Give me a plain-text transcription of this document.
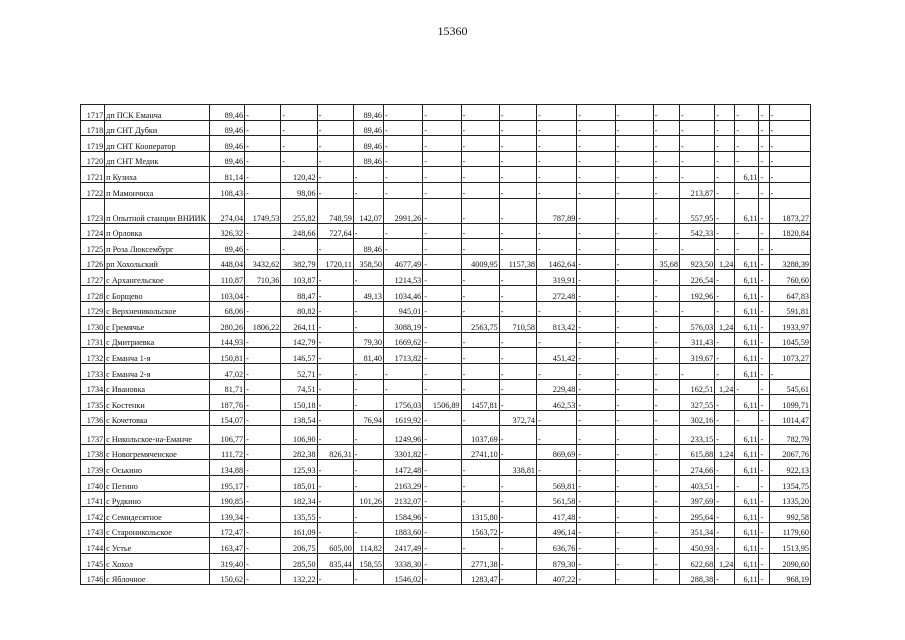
15360
1717	дп ПСК Еманча	89,46	-	-	-	89,46	-	-	-	-	-	-	-	-	-	-	-	-	-
1718	дп СНТ Дубки	89,46	-	-	-	89,46	-	-	-	-	-	-	-	-	-	-	-	-	-
1719	дп СНТ Кооператор	89,46	-	-	-	89,46	-	-	-	-	-	-	-	-	-	-	-	-	-
1720	дп СНТ Медик	89,46	-	-	-	89,46	-	-	-	-	-	-	-	-	-	-	-	-	-
1721	п Кузиха	81,14	-	120,42	-	-	-	-	-	-	-	-	-	-	-	-	6,11	-	-
1722	п Мамончиха	108,43	-	98,06	-	-	-	-	-	-	-	-	-	-	213,87	-	-	-	-
1723	п Опытной станции ВНИИК	274,04	1749,53	255,82	748,59	142,07	2991,26	-	-	-	787,89	-	-	-	557,95	-	6,11	-	1873,27
1724	п Орловка	326,32	-	248,66	727,64	-	-	-	-	-	-	-	-	-	542,33	-	-	-	1820,84
1725	п Роза Люксембург	89,46	-	-	-	89,46	-	-	-	-	-	-	-	-	-	-	-	-	-
1726	рп Хохольский	448,04	3432,62	382,79	1720,11	358,50	4677,49	-	4009,95	1157,38	1462,64	-	-	35,68	923,50	1,24	6,11	-	3288,39
1727	с Архангельское	110,87	710,36	103,87	-	-	1214,53	-	-	-	319,91	-	-	-	226,54	-	6,11	-	760,60
1728	с Борщево	103,04	-	88,47	-	49,13	1034,46	-	-	-	272,48	-	-	-	192,96	-	6,11	-	647,83
1729	с Верхненикольское	68,06	-	80,82	-	-	945,01	-	-	-	-	-	-	-	-	-	6,11	-	591,81
1730	с Гремячье	280,26	1806,22	264,11	-	-	3088,19	-	2563,75	710,58	813,42	-	-	-	576,03	1,24	6,11	-	1933,97
1731	с Дмитриевка	144,93	-	142,79	-	79,30	1669,62	-	-	-	-	-	-	-	311,43	-	6,11	-	1045,59
1732	с Еманча 1-я	150,81	-	146,57	-	81,40	1713,82	-	-	-	451,42	-	-	-	319,67	-	6,11	-	1073,27
1733	с Еманча 2-я	47,02	-	52,71	-	-	-	-	-	-	-	-	-	-	-	-	6,11	-	-
1734	с Ивановка	81,71	-	74,51	-	-	-	-	-	-	229,48	-	-	-	162,51	1,24	-	-	545,61
1735	с Костенки	187,76	-	150,18	-	-	1756,03	1506,89	1457,81	-	462,53	-	-	-	327,55	-	6,11	-	1099,71
1736	с Кочетовка	154,07	-	138,54	-	76,94	1619,92	-	-	372,74	-	-	-	-	302,16	-	-	-	1014,47
1737	с Никольское-на-Еманче	106,77	-	106,90	-	-	1249,96	-	1037,69	-	-	-	-	-	233,15	-	6,11	-	782,79
1738	с Новогремяченское	111,72	-	282,38	826,31	-	3301,82	-	2741,10	-	869,69	-	-	-	615,88	1,24	6,11	-	2067,76
1739	с Оськино	134,88	-	125,93	-	-	1472,48	-	-	338,81	-	-	-	-	274,66	-	6,11	-	922,13
1740	с Петино	195,17	-	185,01	-	-	2163,29	-	-	-	569,81	-	-	-	403,51	-	-	-	1354,75
1741	с Рудкино	190,85	-	182,34	-	101,26	2132,07	-	-	-	561,58	-	-	-	397,69	-	6,11	-	1335,20
1742	с Семидесятное	139,34	-	135,55	-	-	1584,96	-	1315,80	-	417,48	-	-	-	295,64	-	6,11	-	992,58
1743	с Староникольское	172,47	-	161,09	-	-	1883,60	-	1563,72	-	496,14	-	-	-	351,34	-	6,11	-	1179,60
1744	с Устье	163,47	-	206,75	605,00	114,82	2417,49	-	-	-	636,76	-	-	-	450,93	-	6,11	-	1513,95
1745	с Хохол	319,40	-	285,50	835,44	158,55	3338,30	-	2771,38	-	879,30	-	-	-	622,68	1,24	6,11	-	2090,60
1746	с Яблочное	150,62	-	132,22	-	-	1546,02	-	1283,47	-	407,22	-	-	-	288,38	-	6,11	-	968,19
